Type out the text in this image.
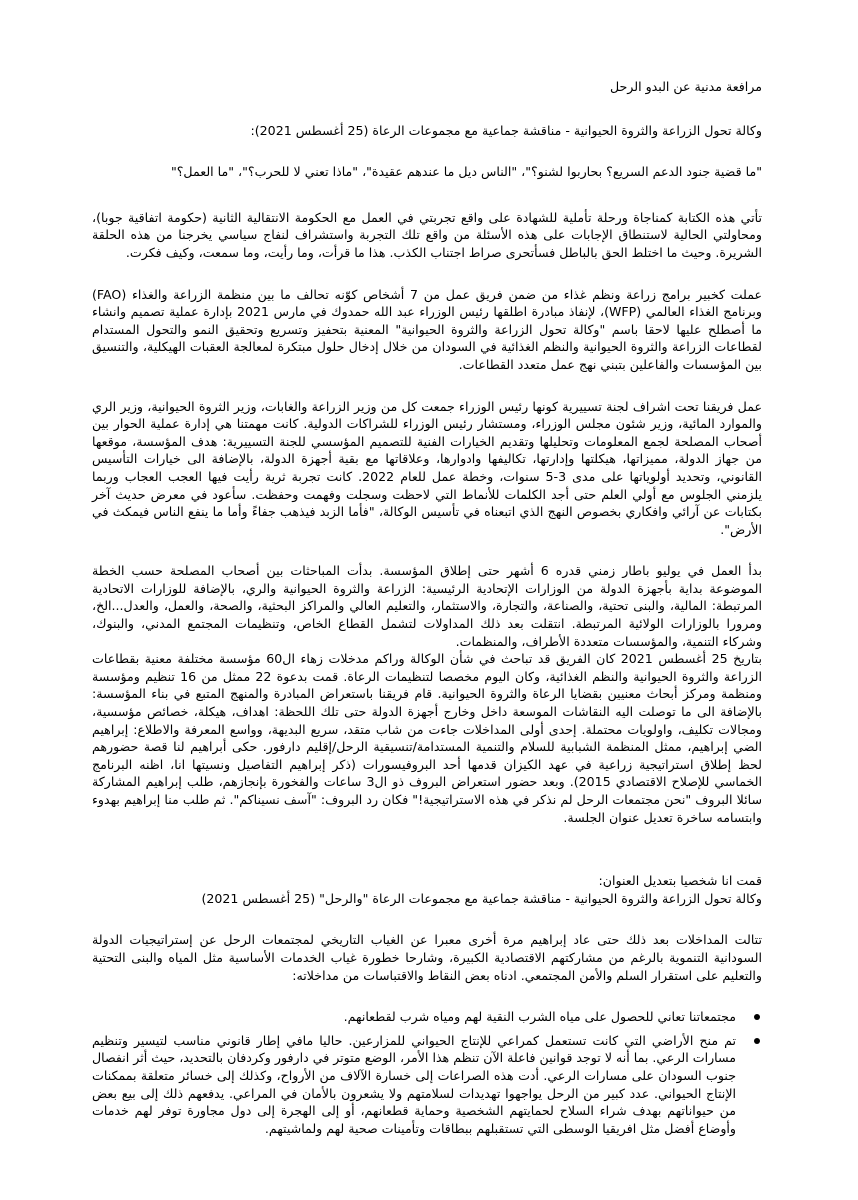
مرافعة مدنية عن البدو الرحل
وكالة تحول الزراعة والثروة الحيوانية - مناقشة جماعية مع مجموعات الرعاة (25 أغسطس 2021):
"ما قضية جنود الدعم السريع؟ بحاربوا لشنو؟"، "الناس ديل ما عندهم عقيدة"، "ماذا تعني لا للحرب؟"، "ما العمل؟"

تأتي هذه الكتابة كمناجاة ورحلة تأملية للشهادة على واقع تجربتي في العمل مع الحكومة الانتقالية الثانية (حكومة اتفاقية جوبا)، ومحاولتي الحالية لاستنطاق الإجابات على هذه الأسئلة من واقع تلك التجربة واستشراف لنفاج سياسي يخرجنا من هذه الحلقة الشريرة. وحيث ما اختلط الحق بالباطل فسأتحرى صراط اجتناب الكذب. هذا ما قرأت، وما رأيت، وما سمعت، وكيف فكرت.

عملت كخبير برامج زراعة ونظم غذاء من ضمن فريق عمل من 7 أشخاص كوّنه تحالف ما بين منظمة الزراعة والغذاء (FAO) وبرنامج الغذاء العالمي (WFP)، لإنفاذ مبادرة اطلقها رئيس الوزراء عبد الله حمدوك في مارس 2021 بإدارة عملية تصميم وانشاء ما أصطلح عليها لاحقا باسم "وكالة تحول الزراعة والثروة الحيوانية" المعنية بتحفيز وتسريع وتحقيق النمو والتحول المستدام لقطاعات الزراعة والثروة الحيوانية والنظم الغذائية في السودان من خلال إدخال حلول مبتكرة لمعالجة العقبات الهيكلية، والتنسيق بين المؤسسات والفاعلين بتبني نهج عمل متعدد القطاعات.

عمل فريقنا تحت اشراف لجنة تسييرية كونها رئيس الوزراء جمعت كل من وزير الزراعة والغابات، وزير الثروة الحيوانية، وزير الري والموارد المائية، وزير شئون مجلس الوزراء، ومستشار رئيس الوزراء للشراكات الدولية. كانت مهمتنا هي إدارة عملية الحوار بين أصحاب المصلحة لجمع المعلومات وتحليلها وتقديم الخيارات الفنية للتصميم المؤسسي للجنة التسييرية: هدف المؤسسة، موقعها من جهاز الدولة، مميزاتها، هيكلتها وإدارتها، تكاليفها وادوارها، وعلاقاتها مع بقية أجهزة الدولة، بالإضافة الى خيارات التأسيس القانوني، وتحديد أولوياتها على مدى 3-5 سنوات، وخطة عمل للعام 2022. كانت تجربة ثرية رأيت فيها العجب العجاب وربما يلزمني الجلوس مع أولي العلم حتى أجد الكلمات للأنماط التي لاحظت وسجلت وفهمت وحفظت. سأعود في معرض حديث آخر بكتابات عن آرائي وافكاري بخصوص النهج الذي اتبعناه في تأسيس الوكالة، "فأما الزبد فيذهب جفاءً وأما ما ينفع الناس فيمكث في الأرض".

بدأ العمل في يوليو باطار زمني قدره 6 أشهر حتى إطلاق المؤسسة. بدأت المباحثات بين أصحاب المصلحة حسب الخطة الموضوعة بداية بأجهزة الدولة من الوزارات الإتحادية الرئيسية: الزراعة والثروة الحيوانية والري، بالإضافة للوزارات الاتحادية المرتبطة: المالية، والبنى تحتية، والصناعة، والتجارة، والاستثمار، والتعليم العالي والمراكز البحثية، والصحة، والعمل، والعدل...الخ، ومرورا بالوزارات الولائية المرتبطة. انتقلت بعد ذلك المداولات لتشمل القطاع الخاص، وتنظيمات المجتمع المدني، والبنوك، وشركاء التنمية، والمؤسسات متعددة الأطراف، والمنظمات.

بتاريخ 25 أغسطس 2021 كان الفريق قد تباحث في شأن الوكالة وراكم مدخلات زهاء ال60 مؤسسة مختلفة معنية بقطاعات الزراعة والثروة الحيوانية والنظم الغذائية، وكان اليوم مخصصا لتنظيمات الرعاة. قمت بدعوة 22 ممثل من 16 تنظيم ومؤسسة ومنظمة ومركز أبحاث معنيين بقضايا الرعاة والثروة الحيوانية. قام فريقنا باستعراض المبادرة والمنهج المتبع في بناء المؤسسة: بالإضافة الى ما توصلت اليه النقاشات الموسعة داخل وخارج أجهزة الدولة حتى تلك اللحظة: اهداف، هيكلة، خصائص مؤسسية، ومجالات تكليف، واولويات محتملة. إحدى أولى المداخلات جاءت من شاب متقد، سريع البديهة، وواسع المعرفة والاطلاع: إبراهيم الضي إبراهيم، ممثل المنظمة الشبابية للسلام والتنمية المستدامة/تنسيقية الرحل/إقليم دارفور. حكى أبراهيم لنا قصة حضورهم لحظ إطلاق استراتيجية زراعية في عهد الكيزان قدمها أحد البروفيسورات (ذكر إبراهيم التفاصيل ونسيتها انا، اظنه البرنامج الخماسي للإصلاح الاقتصادي 2015). وبعد حضور استعراض البروف ذو ال3 ساعات والفخورة بإنجازهم، طلب إبراهيم المشاركة سائلا البروف "نحن مجتمعات الرحل لم نذكر في هذه الاستراتيجية!" فكان رد البروف: "آسف نسيناكم". ثم طلب منا إبراهيم بهدوء وابتسامه ساخرة تعديل عنوان الجلسة.

قمت انا شخصيا بتعديل العنوان:
وكالة تحول الزراعة والثروة الحيوانية - مناقشة جماعية مع مجموعات الرعاة "والرحل" (25 أغسطس 2021)

تتالت المداخلات بعد ذلك حتى عاد إبراهيم مرة أخرى معبرا عن الغياب التاريخي لمجتمعات الرحل عن إستراتيجيات الدولة السودانية التنموية بالرغم من مشاركتهم الاقتصادية الكبيرة، وشارحا خطورة غياب الخدمات الأساسية مثل المياه والبنى التحتية والتعليم على استقرار السلم والأمن المجتمعي. ادناه بعض النقاط والاقتباسات من مداخلاته:

مجتمعاتنا تعاني للحصول على مياه الشرب النقية لهم ومياه شرب لقطعانهم.
تم منح الأراضي التي كانت تستعمل كمراعي للإنتاج الحيواني للمزارعين. حاليا مافي إطار قانوني مناسب لتيسير وتنظيم مسارات الرعي. بما أنه لا توجد قوانين فاعلة الآن تنظم هذا الأمر، الوضع متوتر في دارفور وكردفان بالتحديد، حيث أثر انفصال جنوب السودان على مسارات الرعي. أدت هذه الصراعات إلى خسارة الآلاف من الأرواح، وكذلك إلى خسائر متعلقة بممكنات الإنتاج الحيواني. عدد كبير من الرحل يواجهوا تهديدات لسلامتهم ولا يشعرون بالأمان في المراعي. يدفعهم ذلك إلى بيع بعض من حيواناتهم بهدف شراء السلاح لحمايتهم الشخصية وحماية قطعانهم، أو إلى الهجرة إلى دول مجاورة توفر لهم خدمات وأوضاع أفضل مثل افريقيا الوسطى التي تستقبلهم ببطاقات وتأمينات صحية لهم ولماشيتهم.
